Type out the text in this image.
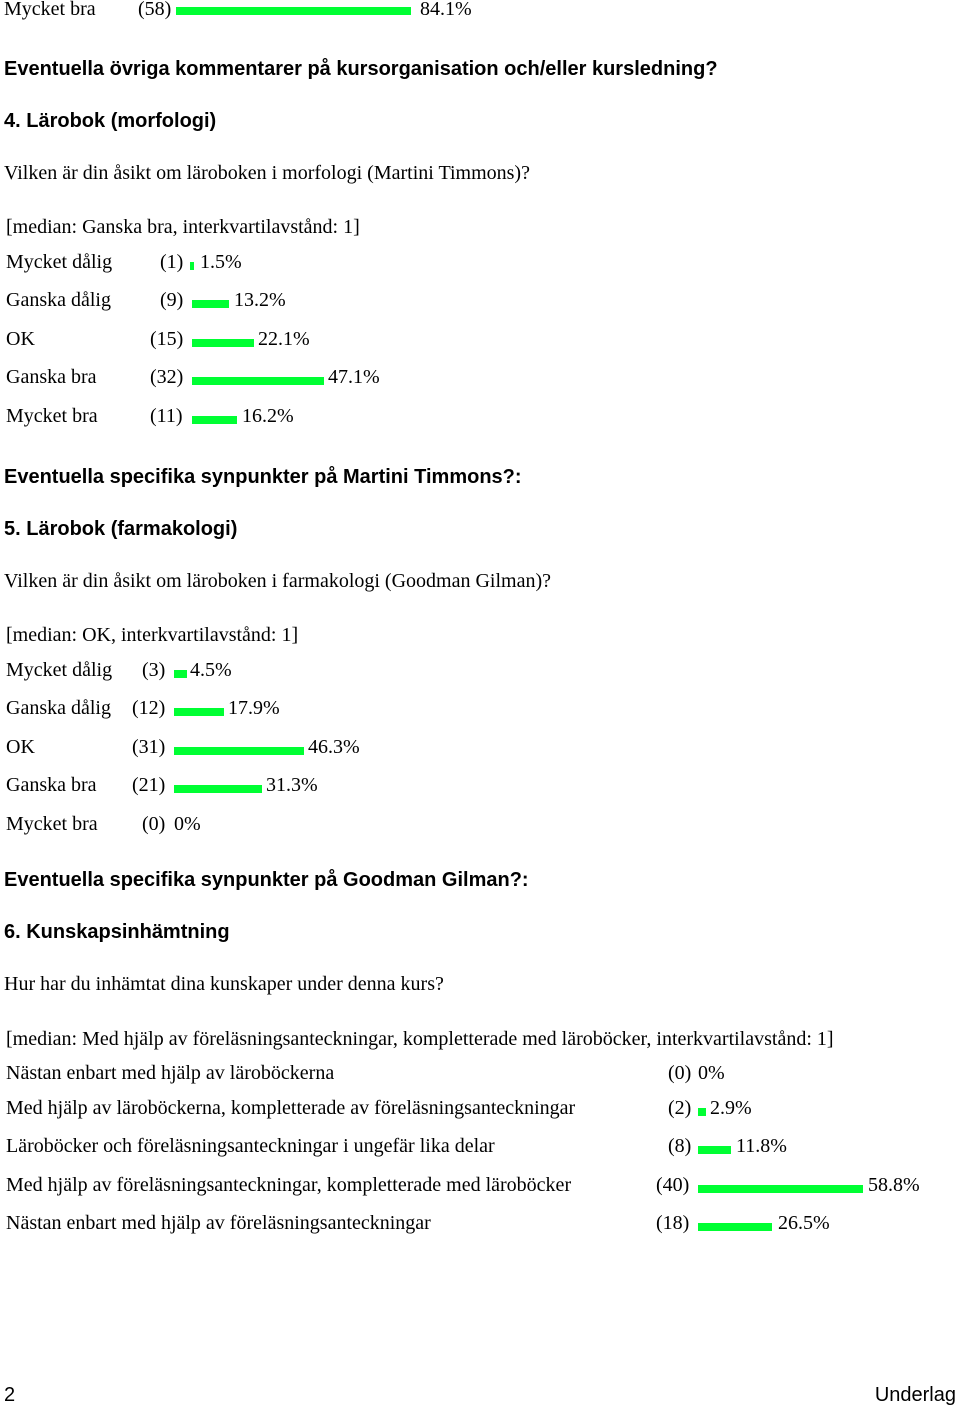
Mycket bra (58)	84.1%
Eventuella övriga kommentarer på kursorganisation och/eller kursledning?
4. Lärobok (morfologi)
Vilken är din åsikt om läroboken i morfologi (Martini Timmons)?
[median: Ganska bra, interkvartilavstånd: 1]
Mycket dålig (1) 1.5%
Ganska dålig (9)	13.2%
OK	(15)	22.1%
Ganska bra	(32)	47.1%
Mycket bra	(11)	16.2%
Eventuella specifika synpunkter på Martini Timmons?:
5. Lärobok (farmakologi)
Vilken är din åsikt om läroboken i farmakologi (Goodman Gilman)?
[median: OK, interkvartilavstånd: 1]
Mycket dålig (3) 4.5%
Ganska dålig (12)	17.9%
OK	(31)	46.3%
Ganska bra (21)	31.3%
Mycket bra (0) 0%
Eventuella specifika synpunkter på Goodman Gilman?:
6. Kunskapsinhämtning
Hur har du inhämtat dina kunskaper under denna kurs?
[median: Med hjälp av föreläsningsanteckningar, kompletterade med läroböcker, interkvartilavstånd: 1]
Nästan enbart med hjälp av läroböckerna	(0) 0%
Med hjälp av läroböckerna, kompletterade av föreläsningsanteckningar	(2) 2.9%
Läroböcker och föreläsningsanteckningar i ungefär lika delar	(8) 11.8%
Med hjälp av föreläsningsanteckningar, kompletterade med läroböcker	(40)	58.8%
Nästan enbart med hjälp av föreläsningsanteckningar	(18)	26.5%
2	Underlag
